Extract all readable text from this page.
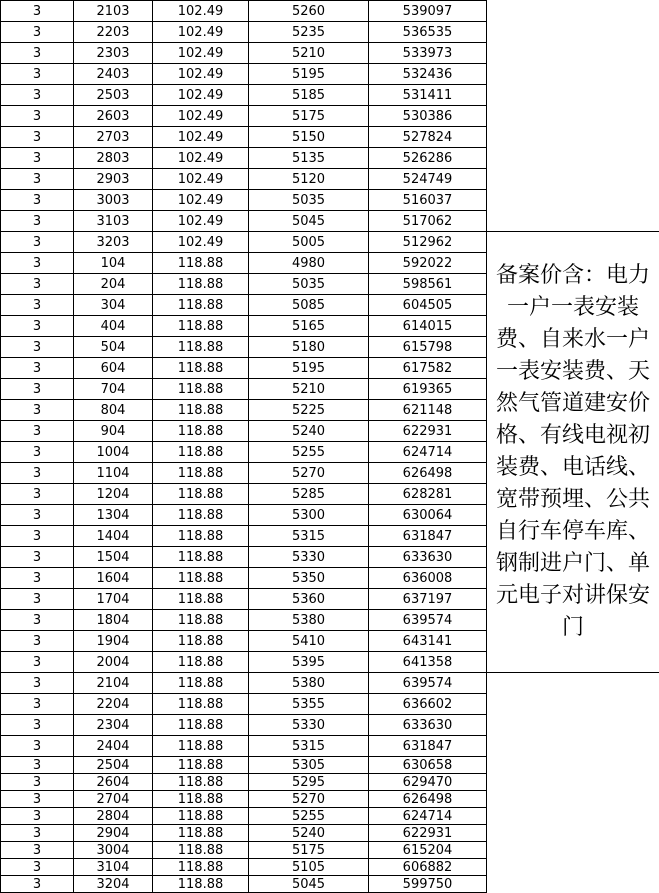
3	2103	102.49	5260	539097	
3	2203	102.49	5235	536535	
3	2303	102.49	5210	533973	
3	2403	102.49	5195	532436	
3	2503	102.49	5185	531411	
3	2603	102.49	5175	530386	
3	2703	102.49	5150	527824	
3	2803	102.49	5135	526286	
3	2903	102.49	5120	524749	
3	3003	102.49	5035	516037	
3	3103	102.49	5045	517062	
3	3203	102.49	5005	512962	备案价含：电力一户一表安装费、自来水一户一表安装费、天然气管道建安价格、有线电视初装费、电话线、宽带预埋、公共自行车停车库、钢制进户门、单元电子对讲保安门
3	104	118.88	4980	592022	
3	204	118.88	5035	598561	
3	304	118.88	5085	604505	
3	404	118.88	5165	614015	
3	504	118.88	5180	615798	
3	604	118.88	5195	617582	
3	704	118.88	5210	619365	
3	804	118.88	5225	621148	
3	904	118.88	5240	622931	
3	1004	118.88	5255	624714	
3	1104	118.88	5270	626498	
3	1204	118.88	5285	628281	
3	1304	118.88	5300	630064	
3	1404	118.88	5315	631847	
3	1504	118.88	5330	633630	
3	1604	118.88	5350	636008	
3	1704	118.88	5360	637197	
3	1804	118.88	5380	639574	
3	1904	118.88	5410	643141	
3	2004	118.88	5395	641358	
3	2104	118.88	5380	639574	
3	2204	118.88	5355	636602	
3	2304	118.88	5330	633630	
3	2404	118.88	5315	631847	
3	2504	118.88	5305	630658	
3	2604	118.88	5295	629470	
3	2704	118.88	5270	626498	
3	2804	118.88	5255	624714	
3	2904	118.88	5240	622931	
3	3004	118.88	5175	615204	
3	3104	118.88	5105	606882	
3	3204	118.88	5045	599750	
